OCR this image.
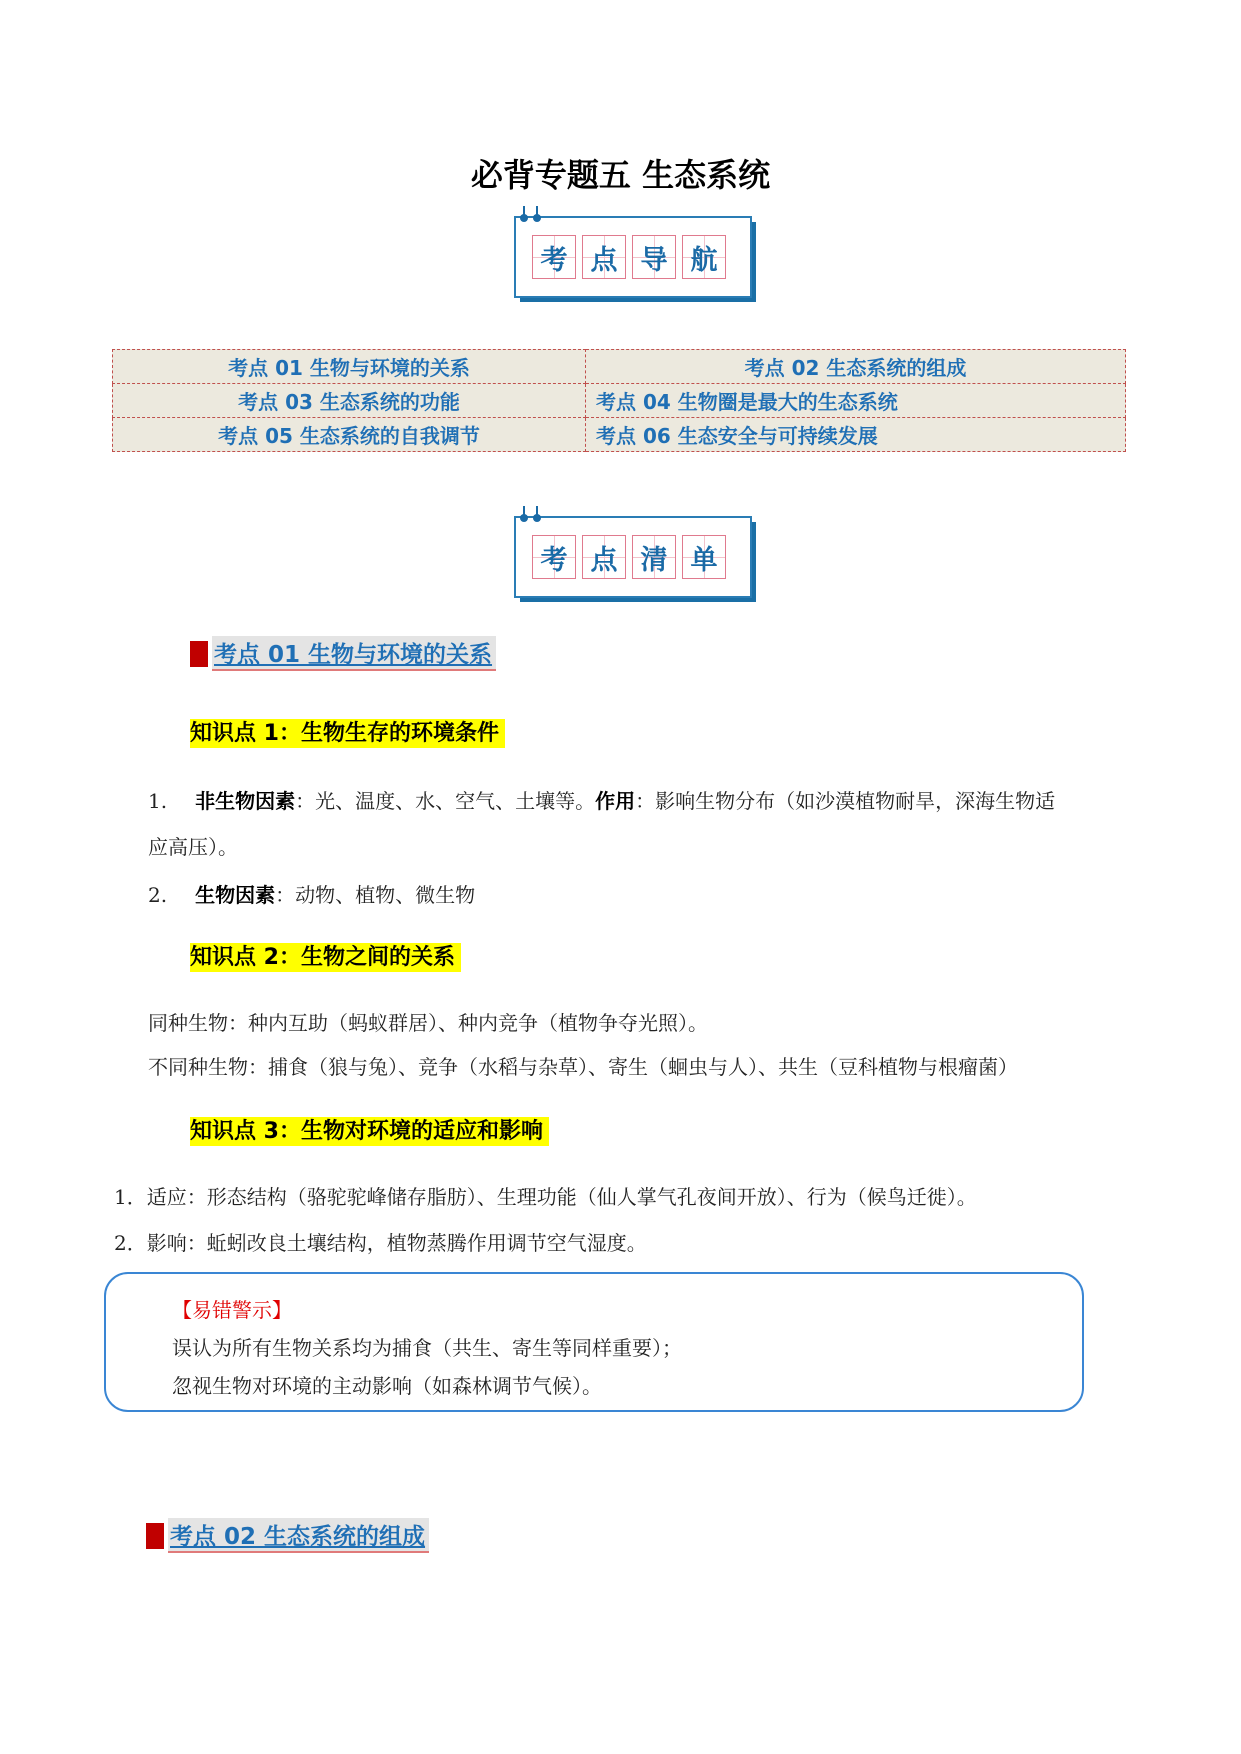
必背专题五 生态系统
考 点 导 航
考点 01 生物与环境的关系	考点 02 生态系统的组成
考点 03 生态系统的功能	考点 04 生物圈是最大的生态系统
考点 05 生态系统的自我调节	考点 06 生态安全与可持续发展
考 点 清 单
考点 01 生物与环境的关系
知识点 1：生物生存的环境条件
1. 非生物因素：光、温度、水、空气、土壤等。作用：影响生物分布（如沙漠植物耐旱，深海生物适
应高压）。
2. 生物因素：动物、植物、微生物
知识点 2：生物之间的关系
同种生物：种内互助（蚂蚁群居）、种内竞争（植物争夺光照）。
不同种生物：捕食（狼与兔）、竞争（水稻与杂草）、寄生（蛔虫与人）、共生（豆科植物与根瘤菌）
知识点 3：生物对环境的适应和影响
1．适应：形态结构（骆驼驼峰储存脂肪）、生理功能（仙人掌气孔夜间开放）、行为（候鸟迁徙）。
2．影响：蚯蚓改良土壤结构，植物蒸腾作用调节空气湿度。
【易错警示】
误认为所有生物关系均为捕食（共生、寄生等同样重要）；
忽视生物对环境的主动影响（如森林调节气候）。
考点 02 生态系统的组成
